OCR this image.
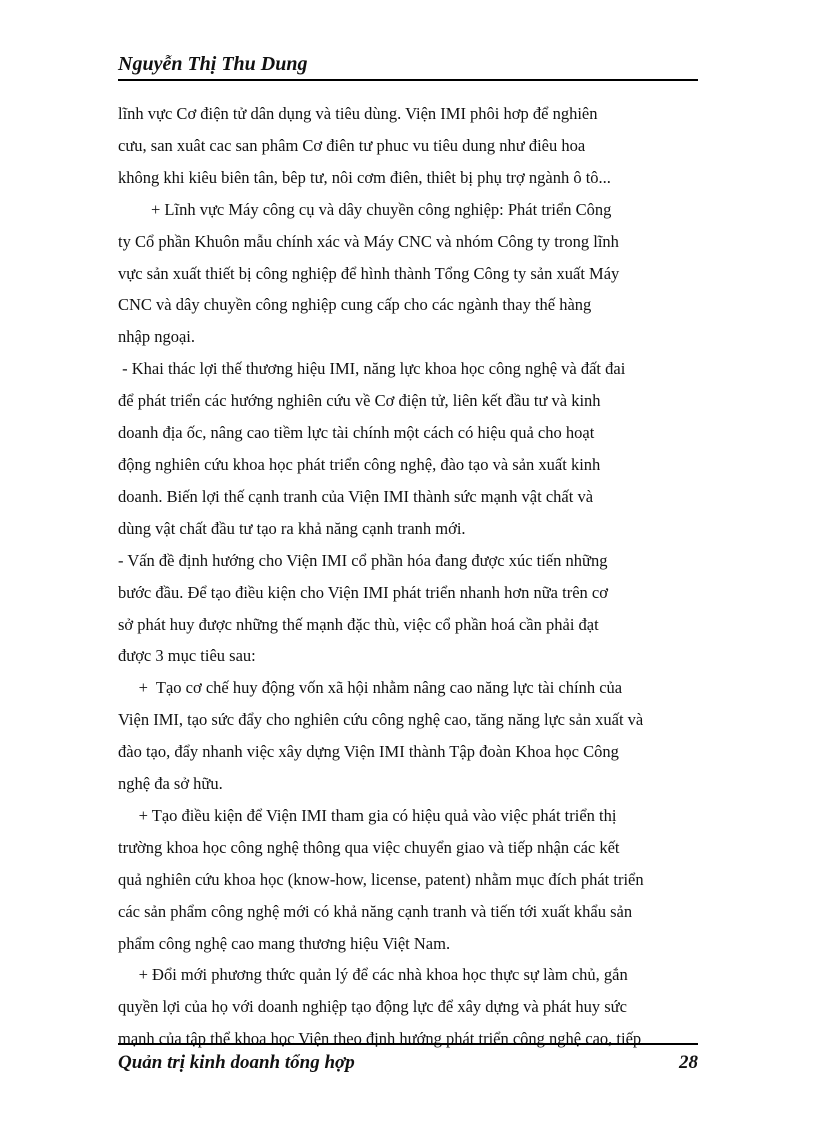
Nguyễn Thị Thu Dung
lĩnh vực Cơ điện tử dân dụng và tiêu dùng. Viện IMI phôi hơp để nghiên
cưu, san xuât cac san phâm Cơ điên tư phuc vu tiêu dung như điêu hoa
không khi kiêu biên tân, bêp tư, nôi cơm điên, thiêt bị phụ trợ ngành ô tô...
+ Lĩnh vực Máy công cụ và dây chuyền công nghiệp: Phát triển Công
ty Cổ phần Khuôn mẫu chính xác và Máy CNC và nhóm Công ty trong lĩnh
vực sản xuất thiết bị công nghiệp để hình thành Tổng Công ty sản xuất Máy
CNC và dây chuyền công nghiệp cung cấp cho các ngành thay thế hàng
nhập ngoại.
- Khai thác lợi thế thương hiệu IMI, năng lực khoa học công nghệ và đất đai
để phát triển các hướng nghiên cứu về Cơ điện tử, liên kết đầu tư và kinh
doanh địa ốc, nâng cao tiềm lực tài chính một cách có hiệu quả cho hoạt
động nghiên cứu khoa học phát triển công nghệ, đào tạo và sản xuất kinh
doanh. Biến lợi thế cạnh tranh của Viện IMI thành sức mạnh vật chất và
dùng vật chất đầu tư tạo ra khả năng cạnh tranh mới.
- Vấn đề định hướng cho Viện IMI cổ phần hóa đang được xúc tiến những
bước đầu. Để tạo điều kiện cho Viện IMI phát triển nhanh hơn nữa trên cơ
sở phát huy được những thế mạnh đặc thù, việc cổ phần hoá cần phải đạt
được 3 mục tiêu sau:
+  Tạo cơ chế huy động vốn xã hội nhằm nâng cao năng lực tài chính của
Viện IMI, tạo sức đẩy cho nghiên cứu công nghệ cao, tăng năng lực sản xuất và
đào tạo, đẩy nhanh việc xây dựng Viện IMI thành Tập đoàn Khoa học Công
nghệ đa sở hữu.
+ Tạo điều kiện để Viện IMI tham gia có hiệu quả vào việc phát triển thị
trường khoa học công nghệ thông qua việc chuyển giao và tiếp nhận các kết
quả nghiên cứu khoa học (know-how, license, patent) nhằm mục đích phát triển
các sản phẩm công nghệ mới có khả năng cạnh tranh và tiến tới xuất khẩu sản
phẩm công nghệ cao mang thương hiệu Việt Nam.
+ Đổi mới phương thức quản lý để các nhà khoa học thực sự làm chủ, gắn
quyền lợi của họ với doanh nghiệp tạo động lực để xây dựng và phát huy sức
mạnh của tập thể khoa học Viện theo định hướng phát triển công nghệ cao, tiếp
Quản trị kinh doanh tổng hợp	28
